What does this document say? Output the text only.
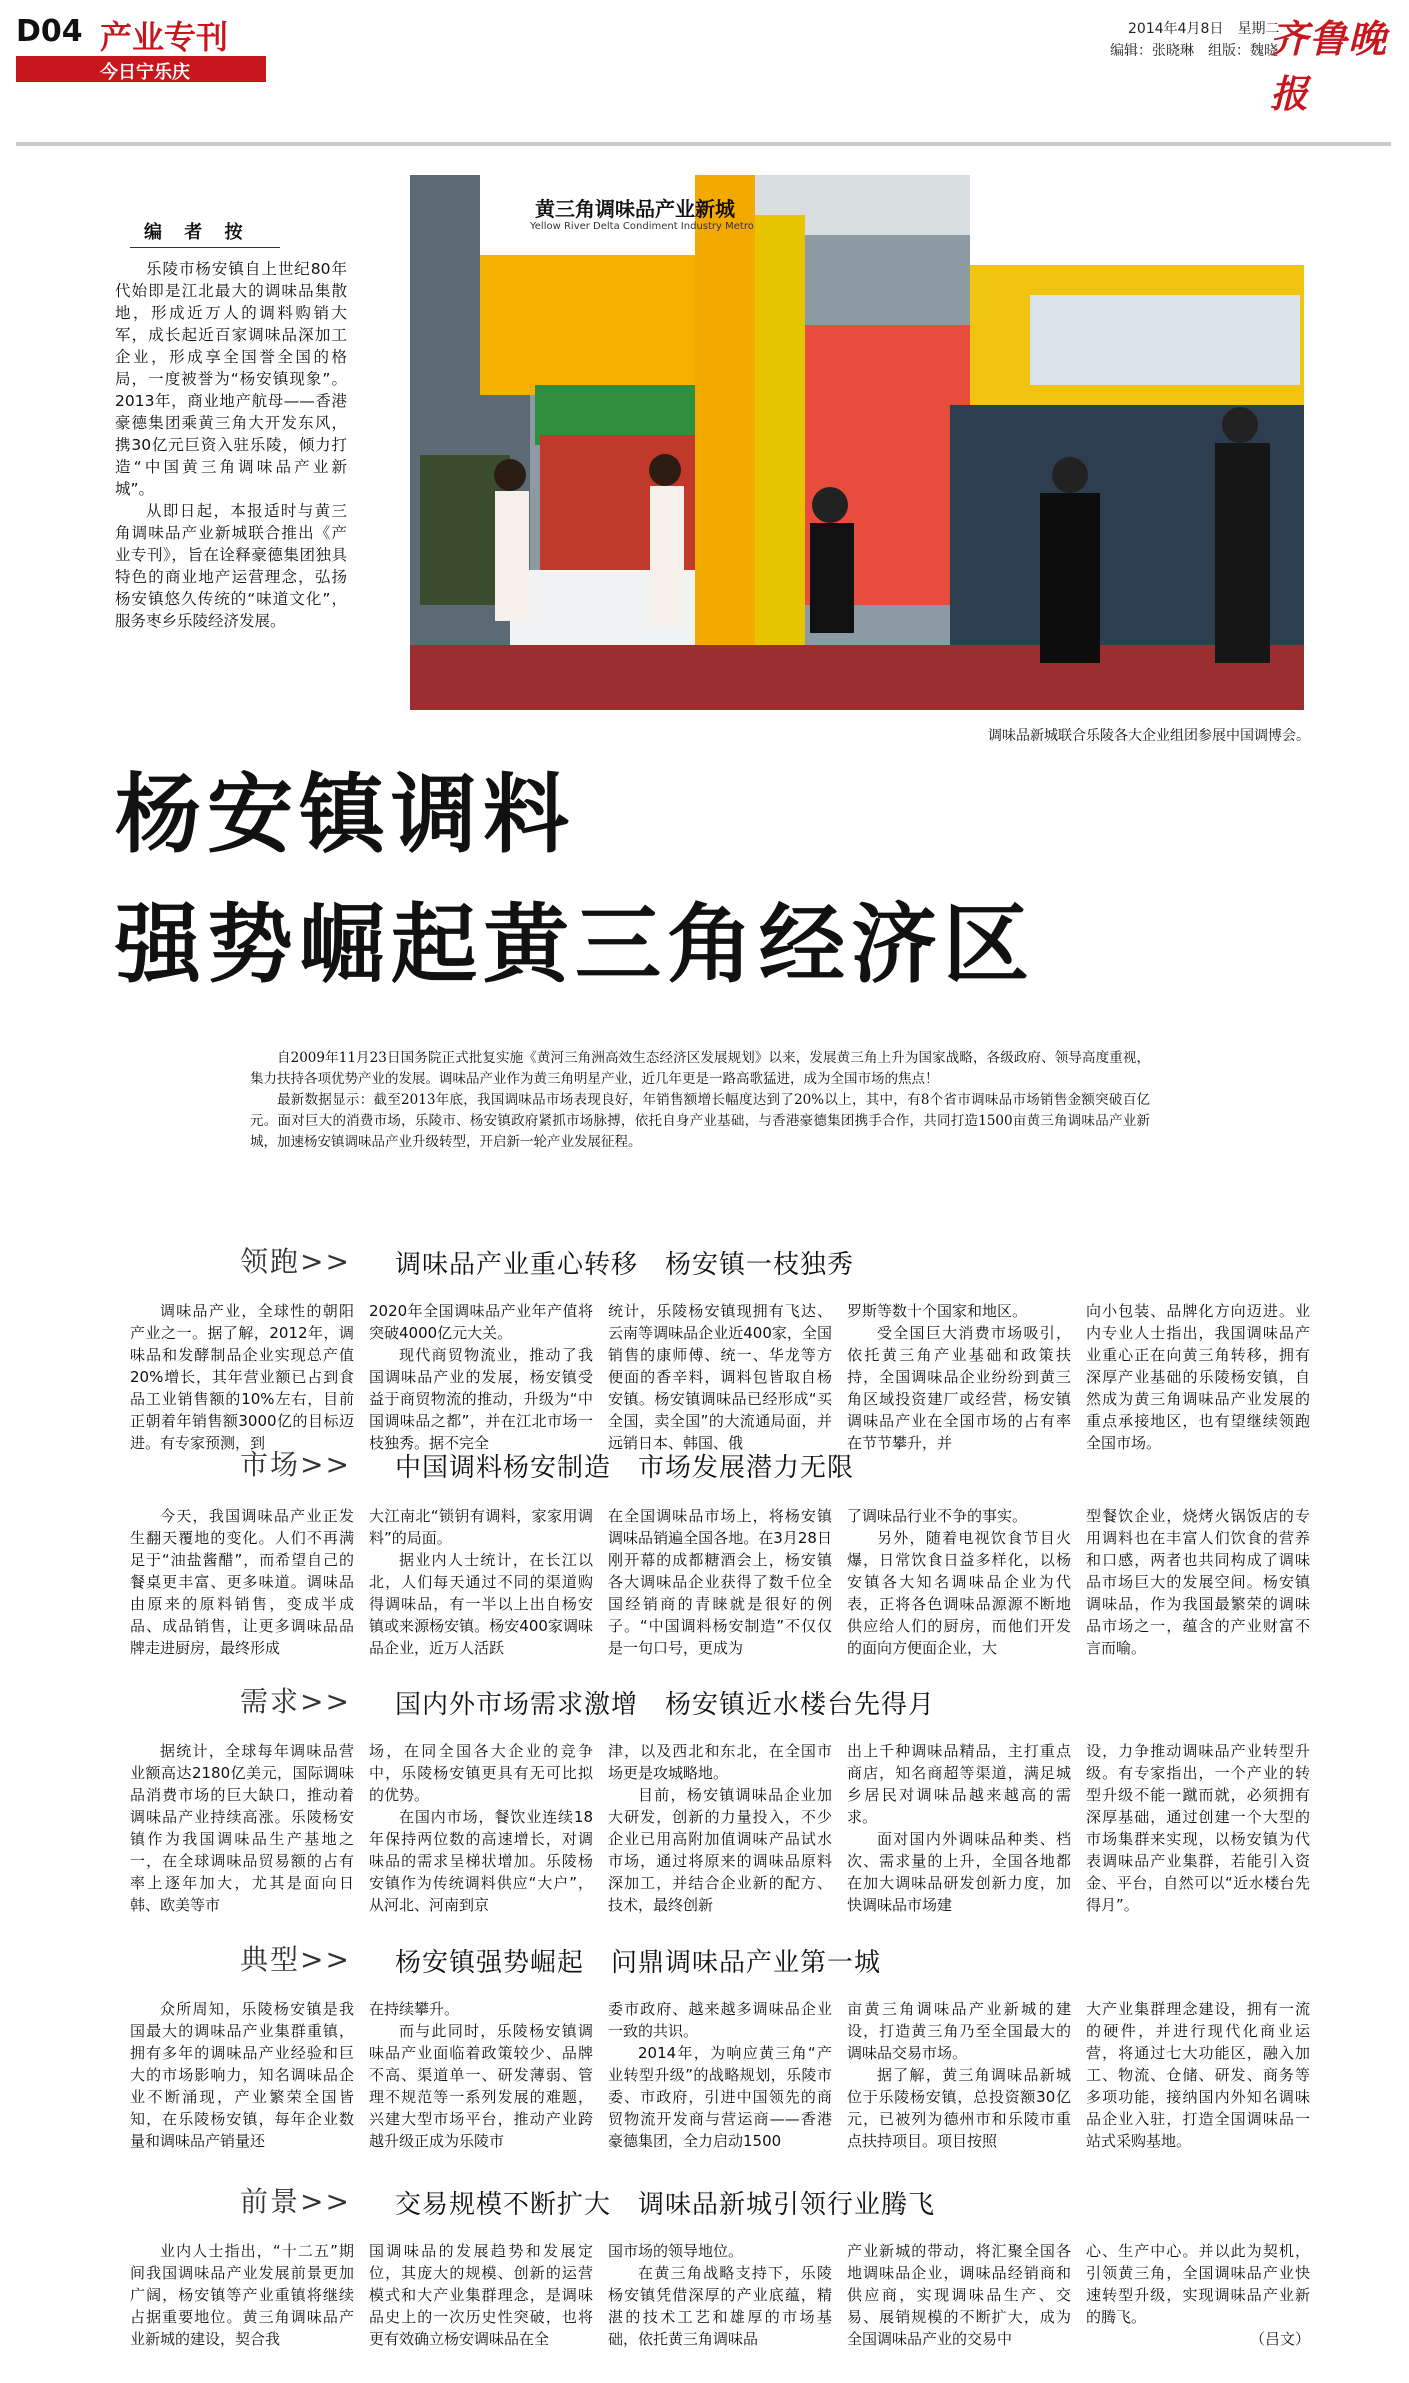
D04 产业专刊
今日宁乐庆
2014年4月8日　星期二
编辑：张晓琳　组版：魏晓
齐鲁晚报
编 者 按

乐陵市杨安镇自上世纪80年代始即是江北最大的调味品集散地，形成近万人的调料购销大军，成长起近百家调味品深加工企业，形成享全国誉全国的格局，一度被誉为“杨安镇现象”。2013年，商业地产航母——香港豪德集团乘黄三角大开发东风，携30亿元巨资入驻乐陵，倾力打造“中国黄三角调味品产业新城”。

从即日起，本报适时与黄三角调味品产业新城联合推出《产业专刊》，旨在诠释豪德集团独具特色的商业地产运营理念，弘扬杨安镇悠久传统的“味道文化”，服务枣乡乐陵经济发展。

黄三角调味品产业新城
Yellow River Delta Condiment Industry Metro
调味品新城联合乐陵各大企业组团参展中国调博会。
杨安镇调料
强势崛起黄三角经济区

自2009年11月23日国务院正式批复实施《黄河三角洲高效生态经济区发展规划》以来，发展黄三角上升为国家战略，各级政府、领导高度重视，集力扶持各项优势产业的发展。调味品产业作为黄三角明星产业，近几年更是一路高歌猛进，成为全国市场的焦点！

最新数据显示：截至2013年底，我国调味品市场表现良好，年销售额增长幅度达到了20%以上，其中，有8个省市调味品市场销售金额突破百亿元。面对巨大的消费市场，乐陵市、杨安镇政府紧抓市场脉搏，依托自身产业基础，与香港豪德集团携手合作，共同打造1500亩黄三角调味品产业新城，加速杨安镇调味品产业升级转型，开启新一轮产业发展征程。

领跑>> 调味品产业重心转移　杨安镇一枝独秀

调味品产业，全球性的朝阳产业之一。据了解，2012年，调味品和发酵制品企业实现总产值20%增长，其年营业额已占到食品工业销售额的10%左右，目前正朝着年销售额3000亿的目标迈进。有专家预测，到

2020年全国调味品产业年产值将突破4000亿元大关。

现代商贸物流业，推动了我国调味品产业的发展，杨安镇受益于商贸物流的推动，升级为“中国调味品之都”，并在江北市场一枝独秀。据不完全

统计，乐陵杨安镇现拥有飞达、云南等调味品企业近400家，全国销售的康师傅、统一、华龙等方便面的香辛料，调料包皆取自杨安镇。杨安镇调味品已经形成“买全国，卖全国”的大流通局面，并远销日本、韩国、俄

罗斯等数十个国家和地区。

受全国巨大消费市场吸引，依托黄三角产业基础和政策扶持，全国调味品企业纷纷到黄三角区域投资建厂或经营，杨安镇调味品产业在全国市场的占有率在节节攀升，并

向小包装、品牌化方向迈进。业内专业人士指出，我国调味品产业重心正在向黄三角转移，拥有深厚产业基础的乐陵杨安镇，自然成为黄三角调味品产业发展的重点承接地区，也有望继续领跑全国市场。

市场>> 中国调料杨安制造　市场发展潜力无限

今天，我国调味品产业正发生翻天覆地的变化。人们不再满足于“油盐酱醋”，而希望自己的餐桌更丰富、更多味道。调味品由原来的原料销售，变成半成品、成品销售，让更多调味品品牌走进厨房，最终形成

大江南北“锁钥有调料，家家用调料”的局面。

据业内人士统计，在长江以北，人们每天通过不同的渠道购得调味品，有一半以上出自杨安镇或来源杨安镇。杨安400家调味品企业，近万人活跃

在全国调味品市场上，将杨安镇调味品销遍全国各地。在3月28日刚开幕的成都糖酒会上，杨安镇各大调味品企业获得了数千位全国经销商的青睐就是很好的例子。“中国调料杨安制造”不仅仅是一句口号，更成为

了调味品行业不争的事实。

另外，随着电视饮食节目火爆，日常饮食日益多样化，以杨安镇各大知名调味品企业为代表，正将各色调味品源源不断地供应给人们的厨房，而他们开发的面向方便面企业，大

型餐饮企业，烧烤火锅饭店的专用调料也在丰富人们饮食的营养和口感，两者也共同构成了调味品市场巨大的发展空间。杨安镇调味品，作为我国最繁荣的调味品市场之一，蕴含的产业财富不言而喻。

需求>> 国内外市场需求激增　杨安镇近水楼台先得月

据统计，全球每年调味品营业额高达2180亿美元，国际调味品消费市场的巨大缺口，推动着调味品产业持续高涨。乐陵杨安镇作为我国调味品生产基地之一，在全球调味品贸易额的占有率上逐年加大，尤其是面向日韩、欧美等市

场，在同全国各大企业的竞争中，乐陵杨安镇更具有无可比拟的优势。

在国内市场，餐饮业连续18年保持两位数的高速增长，对调味品的需求呈梯状增加。乐陵杨安镇作为传统调料供应“大户”，从河北、河南到京

津，以及西北和东北，在全国市场更是攻城略地。

目前，杨安镇调味品企业加大研发，创新的力量投入，不少企业已用高附加值调味产品试水市场，通过将原来的调味品原料深加工，并结合企业新的配方、技术，最终创新

出上千种调味品精品，主打重点商店，知名商超等渠道，满足城乡居民对调味品越来越高的需求。

面对国内外调味品种类、档次、需求量的上升，全国各地都在加大调味品研发创新力度，加快调味品市场建

设，力争推动调味品产业转型升级。有专家指出，一个产业的转型升级不能一蹴而就，必须拥有深厚基础，通过创建一个大型的市场集群来实现，以杨安镇为代表调味品产业集群，若能引入资金、平台，自然可以“近水楼台先得月”。

典型>> 杨安镇强势崛起　问鼎调味品产业第一城

众所周知，乐陵杨安镇是我国最大的调味品产业集群重镇，拥有多年的调味品产业经验和巨大的市场影响力，知名调味品企业不断涌现，产业繁荣全国皆知，在乐陵杨安镇，每年企业数量和调味品产销量还

在持续攀升。

而与此同时，乐陵杨安镇调味品产业面临着政策较少、品牌不高、渠道单一、研发薄弱、管理不规范等一系列发展的难题，兴建大型市场平台，推动产业跨越升级正成为乐陵市

委市政府、越来越多调味品企业一致的共识。

2014年，为响应黄三角“产业转型升级”的战略规划，乐陵市委、市政府，引进中国领先的商贸物流开发商与营运商——香港豪德集团，全力启动1500

亩黄三角调味品产业新城的建设，打造黄三角乃至全国最大的调味品交易市场。

据了解，黄三角调味品新城位于乐陵杨安镇，总投资额30亿元，已被列为德州市和乐陵市重点扶持项目。项目按照

大产业集群理念建设，拥有一流的硬件，并进行现代化商业运营，将通过七大功能区，融入加工、物流、仓储、研发、商务等多项功能，接纳国内外知名调味品企业入驻，打造全国调味品一站式采购基地。

前景>> 交易规模不断扩大　调味品新城引领行业腾飞

业内人士指出，“十二五”期间我国调味品产业发展前景更加广阔，杨安镇等产业重镇将继续占据重要地位。黄三角调味品产业新城的建设，契合我

国调味品的发展趋势和发展定位，其庞大的规模、创新的运营模式和大产业集群理念，是调味品史上的一次历史性突破，也将更有效确立杨安调味品在全

国市场的领导地位。

在黄三角战略支持下，乐陵杨安镇凭借深厚的产业底蕴，精湛的技术工艺和雄厚的市场基础，依托黄三角调味品

产业新城的带动，将汇聚全国各地调味品企业，调味品经销商和供应商，实现调味品生产、交易、展销规模的不断扩大，成为全国调味品产业的交易中

心、生产中心。并以此为契机，引领黄三角，全国调味品产业快速转型升级，实现调味品产业新的腾飞。

（吕文）
